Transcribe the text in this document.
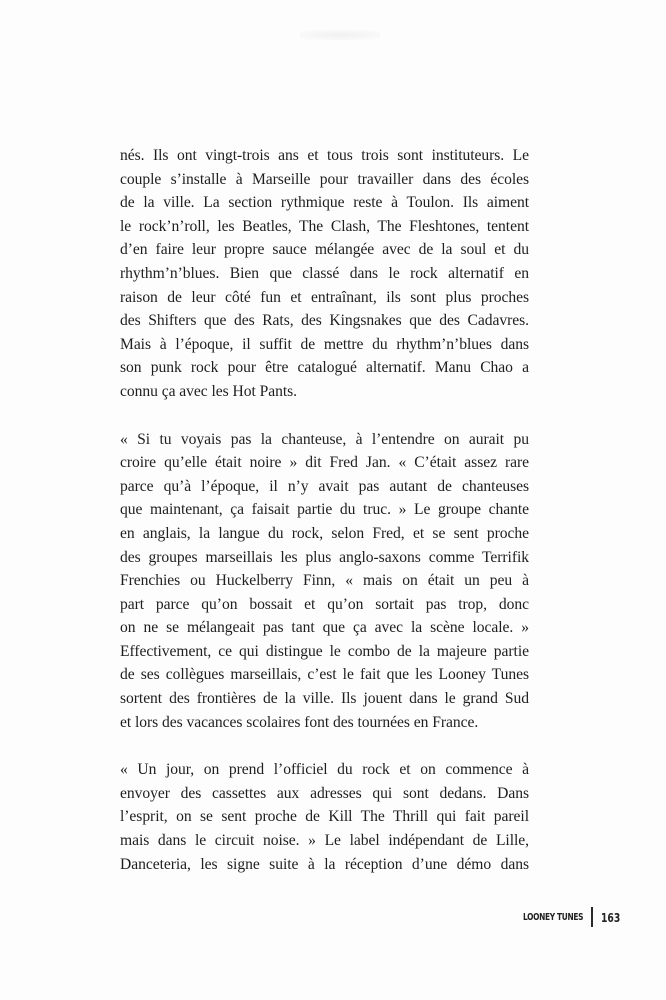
nés. Ils ont vingt-trois ans et tous trois sont instituteurs. Le
couple s’installe à Marseille pour travailler dans des écoles
de la ville. La section rythmique reste à Toulon. Ils aiment
le rock’n’roll, les Beatles, The Clash, The Fleshtones, tentent
d’en faire leur propre sauce mélangée avec de la soul et du
rhythm’n’blues. Bien que classé dans le rock alternatif en
raison de leur côté fun et entraînant, ils sont plus proches
des Shifters que des Rats, des Kingsnakes que des Cadavres.
Mais à l’époque, il suffit de mettre du rhythm’n’blues dans
son punk rock pour être catalogué alternatif. Manu Chao a
connu ça avec les Hot Pants.

« Si tu voyais pas la chanteuse, à l’entendre on aurait pu
croire qu’elle était noire » dit Fred Jan. « C’était assez rare
parce qu’à l’époque, il n’y avait pas autant de chanteuses
que maintenant, ça faisait partie du truc. » Le groupe chante
en anglais, la langue du rock, selon Fred, et se sent proche
des groupes marseillais les plus anglo-saxons comme Terrifik
Frenchies ou Huckelberry Finn, « mais on était un peu à
part parce qu’on bossait et qu’on sortait pas trop, donc
on ne se mélangeait pas tant que ça avec la scène locale. »
Effectivement, ce qui distingue le combo de la majeure partie
de ses collègues marseillais, c’est le fait que les Looney Tunes
sortent des frontières de la ville. Ils jouent dans le grand Sud
et lors des vacances scolaires font des tournées en France.

« Un jour, on prend l’officiel du rock et on commence à
envoyer des cassettes aux adresses qui sont dedans. Dans
l’esprit, on se sent proche de Kill The Thrill qui fait pareil
mais dans le circuit noise. » Le label indépendant de Lille,
Danceteria, les signe suite à la réception d’une démo dans

LOONEY TUNES 163
